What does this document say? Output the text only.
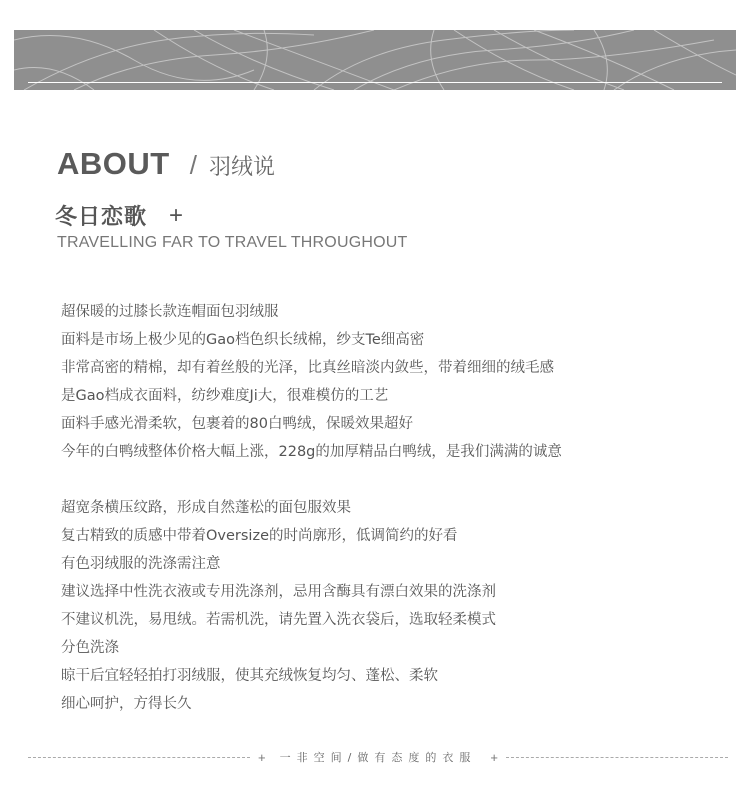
ABOUT / 羽绒说
冬日恋歌 +
TRAVELLING FAR TO TRAVEL THROUGHOUT
超保暖的过膝长款连帽面包羽绒服
面料是市场上极少见的Gao档色织长绒棉，纱支Te细高密
非常高密的精棉，却有着丝般的光泽，比真丝暗淡内敛些，带着细细的绒毛感
是Gao档成衣面料，纺纱难度Ji大，很难模仿的工艺
面料手感光滑柔软，包裹着的80白鸭绒，保暖效果超好
今年的白鸭绒整体价格大幅上涨，228g的加厚精品白鸭绒，是我们满满的诚意
超宽条横压纹路，形成自然蓬松的面包服效果
复古精致的质感中带着Oversize的时尚廓形，低调简约的好看
有色羽绒服的洗涤需注意
建议选择中性洗衣液或专用洗涤剂，忌用含酶具有漂白效果的洗涤剂
不建议机洗，易甩绒。若需机洗，请先置入洗衣袋后，选取轻柔模式
分色洗涤
晾干后宜轻轻拍打羽绒服，使其充绒恢复均匀、蓬松、柔软
细心呵护，方得长久
+ 一非空间/做有态度的衣服 +
